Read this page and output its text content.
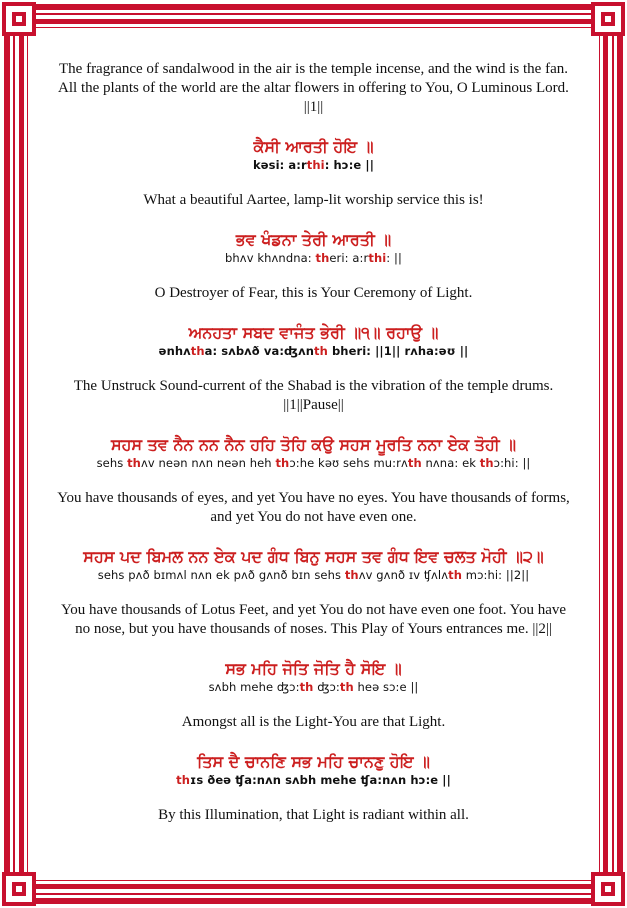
The fragrance of sandalwood in the air is the temple incense, and the wind is the fan. All the plants of the world are the altar flowers in offering to You, O Luminous Lord. ||1||

ਕੈਸੀ ਆਰਤੀ ਹੋਇ ॥

kəsi: a:rthi: hɔ:e ||

What a beautiful Aartee, lamp-lit worship service this is!

ਭਵ ਖੰਡਨਾ ਤੇਰੀ ਆਰਤੀ ॥

bhʌv khʌndna: theri: a:rthi: ||

O Destroyer of Fear, this is Your Ceremony of Light.

ਅਨਹਤਾ ਸਬਦ ਵਾਜੰਤ ਭੇਰੀ ॥੧॥ ਰਹਾਉ ॥

ənhʌtha: sʌbʌð va:ʤʌnth bheri: ||1|| rʌha:əʊ ||

The Unstruck Sound-current of the Shabad is the vibration of the temple drums. ||1||Pause||

ਸਹਸ ਤਵ ਨੈਨ ਨਨ ਨੈਨ ਹਹਿ ਤੋਹਿ ਕਉ ਸਹਸ ਮੂਰਤਿ ਨਨਾ ਏਕ ਤੋਹੀ ॥

sehs thʌv neən nʌn neən heh thɔ:he kəʊ sehs mu:rʌth nʌna: ek thɔ:hi: ||

You have thousands of eyes, and yet You have no eyes. You have thousands of forms, and yet You do not have even one.

ਸਹਸ ਪਦ ਬਿਮਲ ਨਨ ਏਕ ਪਦ ਗੰਧ ਬਿਨੁ ਸਹਸ ਤਵ ਗੰਧ ਇਵ ਚਲਤ ਮੋਹੀ ॥੨॥

sehs pʌð bɪmʌl nʌn ek pʌð gʌnð bɪn sehs thʌv gʌnð ɪv ʧʌlʌth mɔ:hi: ||2||

You have thousands of Lotus Feet, and yet You do not have even one foot. You have no nose, but you have thousands of noses. This Play of Yours entrances me. ||2||

ਸਭ ਮਹਿ ਜੋਤਿ ਜੋਤਿ ਹੈ ਸੋਇ ॥

sʌbh mehe ʤɔ:th ʤɔ:th heə sɔ:e ||

Amongst all is the Light-You are that Light.

ਤਿਸ ਦੈ ਚਾਨਣਿ ਸਭ ਮਹਿ ਚਾਨਣੁ ਹੋਇ ॥

thɪs ðeə ʧa:nʌn sʌbh mehe ʧa:nʌn hɔ:e ||

By this Illumination, that Light is radiant within all.
